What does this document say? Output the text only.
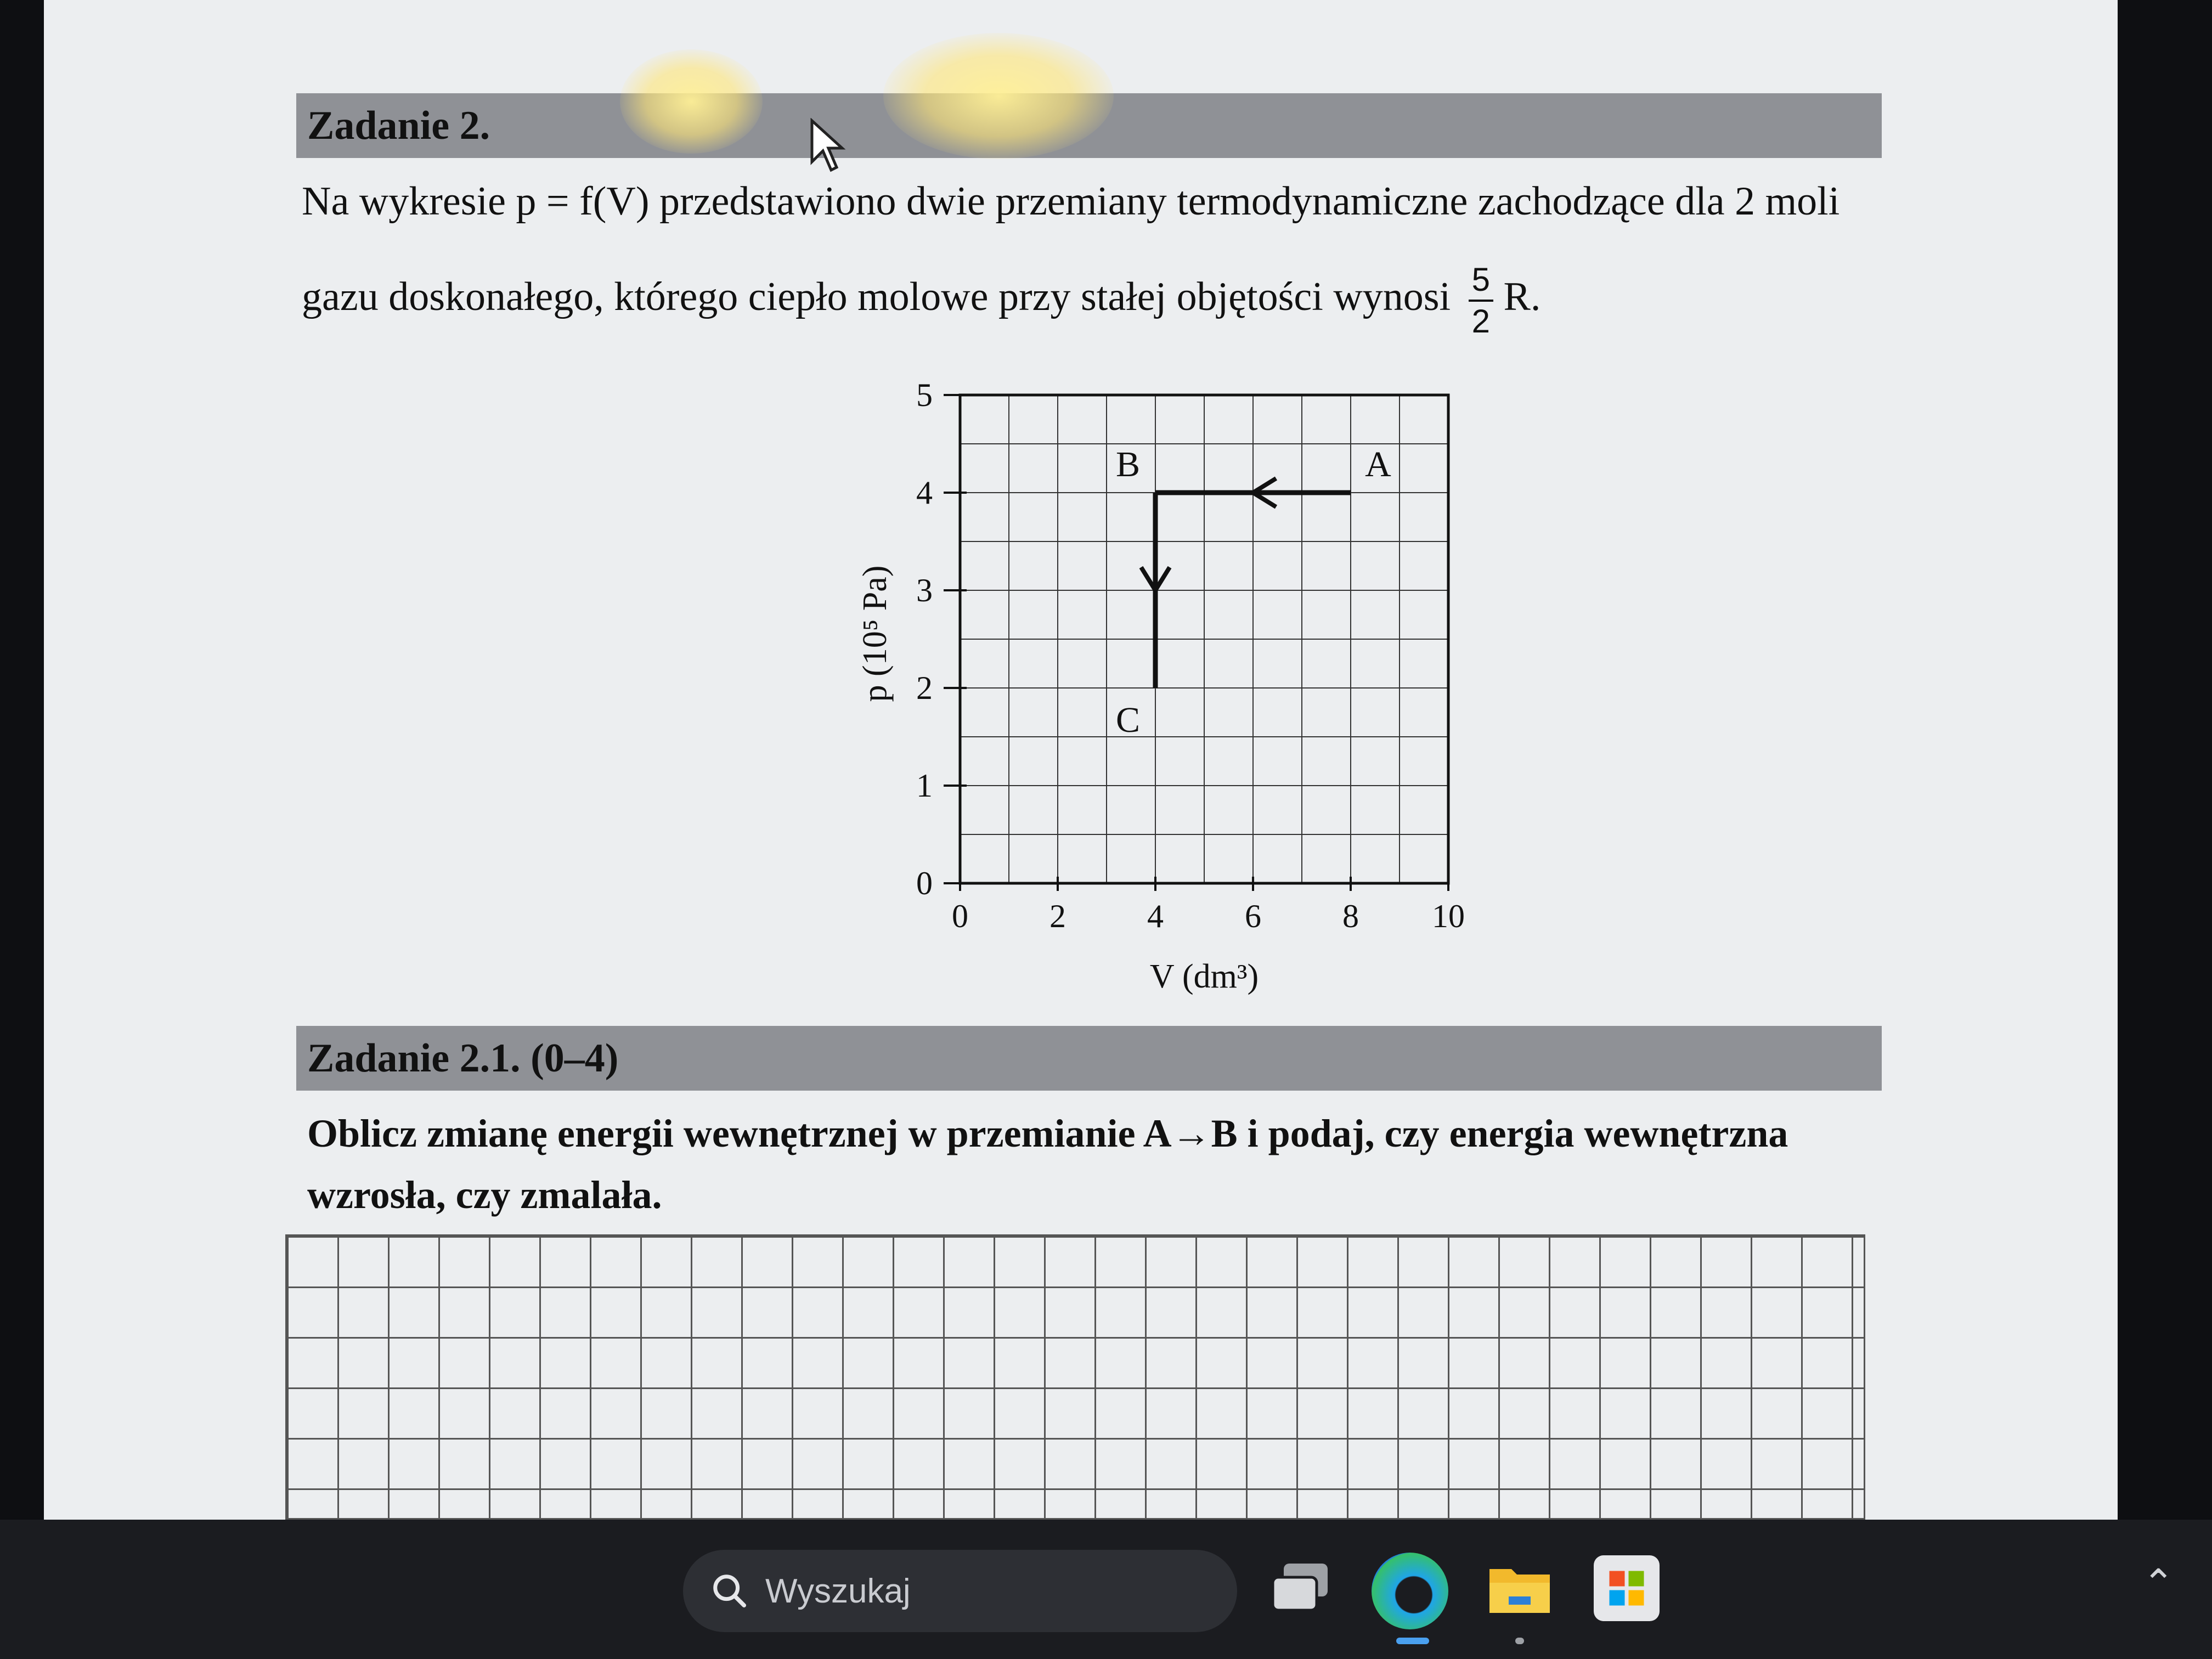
Zadanie 2.
Na wykresie p = f(V) przedstawiono dwie przemiany termodynamiczne zachodzące dla 2 moli
gazu doskonałego, którego ciepło molowe przy stałej objętości wynosi $\frac{5}{2} R$.
0 2 4 6 8 10
0
1
2
3
4
5
V (dm³)
p (10⁵ Pa)
A
B
C
Zadanie 2.1. (0–4)
Oblicz zmianę energii wewnętrznej w przemianie A→B i podaj, czy energia wewnętrzna wzrosła, czy zmalała.
Wyszukaj	⌃
